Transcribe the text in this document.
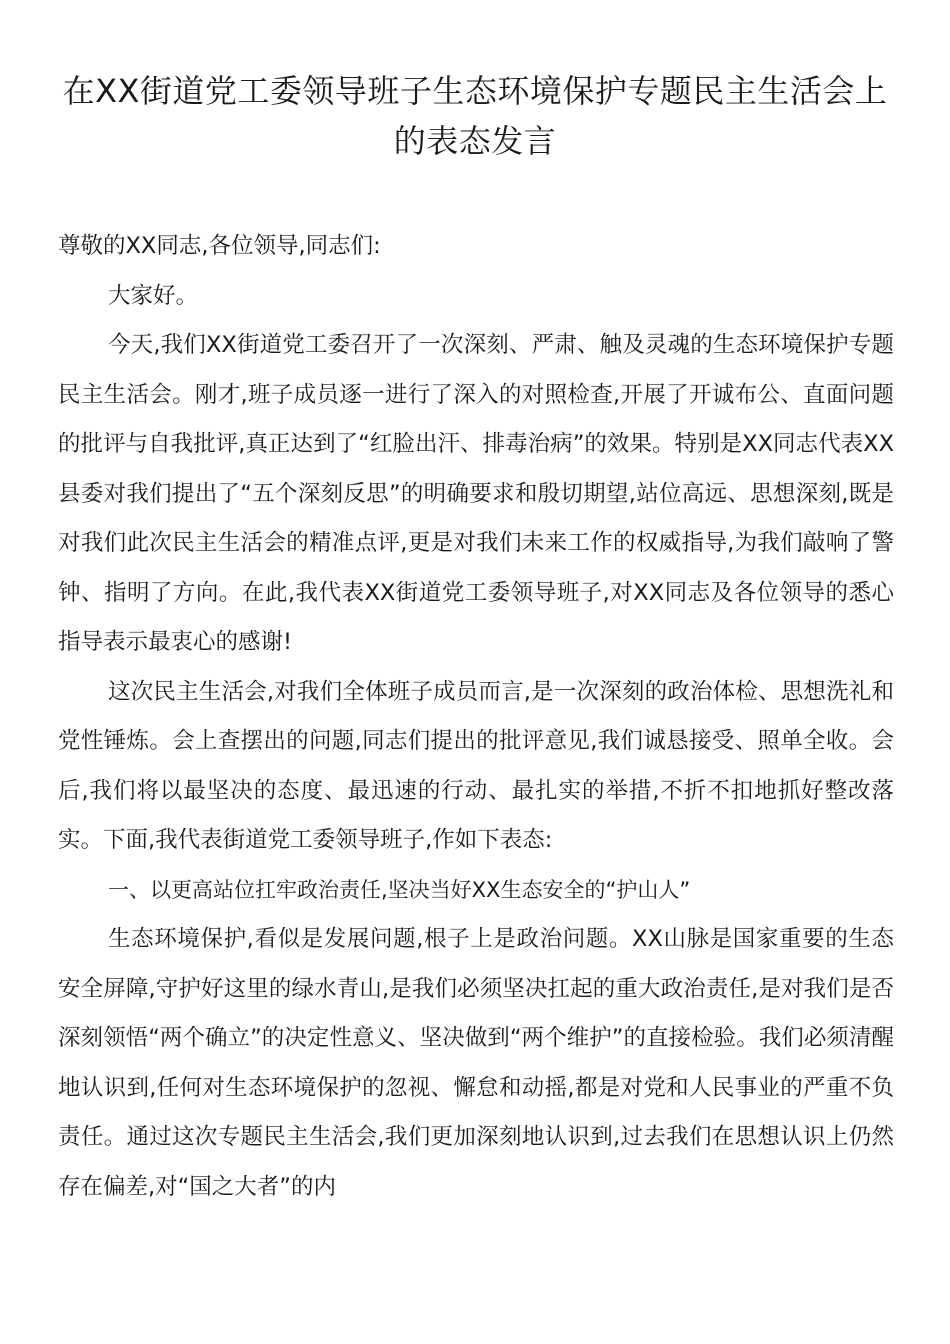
在XX街道党工委领导班子生态环境保护专题民主生活会上的表态发言

尊敬的XX同志,各位领导,同志们:

大家好。

今天,我们XX街道党工委召开了一次深刻、严肃、触及灵魂的生态环境保护专题民主生活会。刚才,班子成员逐一进行了深入的对照检查,开展了开诚布公、直面问题的批评与自我批评,真正达到了“红脸出汗、排毒治病”的效果。特别是XX同志代表XX县委对我们提出了“五个深刻反思”的明确要求和殷切期望,站位高远、思想深刻,既是对我们此次民主生活会的精准点评,更是对我们未来工作的权威指导,为我们敲响了警钟、指明了方向。在此,我代表XX街道党工委领导班子,对XX同志及各位领导的悉心指导表示最衷心的感谢!

这次民主生活会,对我们全体班子成员而言,是一次深刻的政治体检、思想洗礼和党性锤炼。会上查摆出的问题,同志们提出的批评意见,我们诚恳接受、照单全收。会后,我们将以最坚决的态度、最迅速的行动、最扎实的举措,不折不扣地抓好整改落实。下面,我代表街道党工委领导班子,作如下表态:

一、以更高站位扛牢政治责任,坚决当好XX生态安全的“护山人”

生态环境保护,看似是发展问题,根子上是政治问题。XX山脉是国家重要的生态安全屏障,守护好这里的绿水青山,是我们必须坚决扛起的重大政治责任,是对我们是否深刻领悟“两个确立”的决定性意义、坚决做到“两个维护”的直接检验。我们必须清醒地认识到,任何对生态环境保护的忽视、懈怠和动摇,都是对党和人民事业的严重不负责任。通过这次专题民主生活会,我们更加深刻地认识到,过去我们在思想认识上仍然存在偏差,对“国之大者”的内
